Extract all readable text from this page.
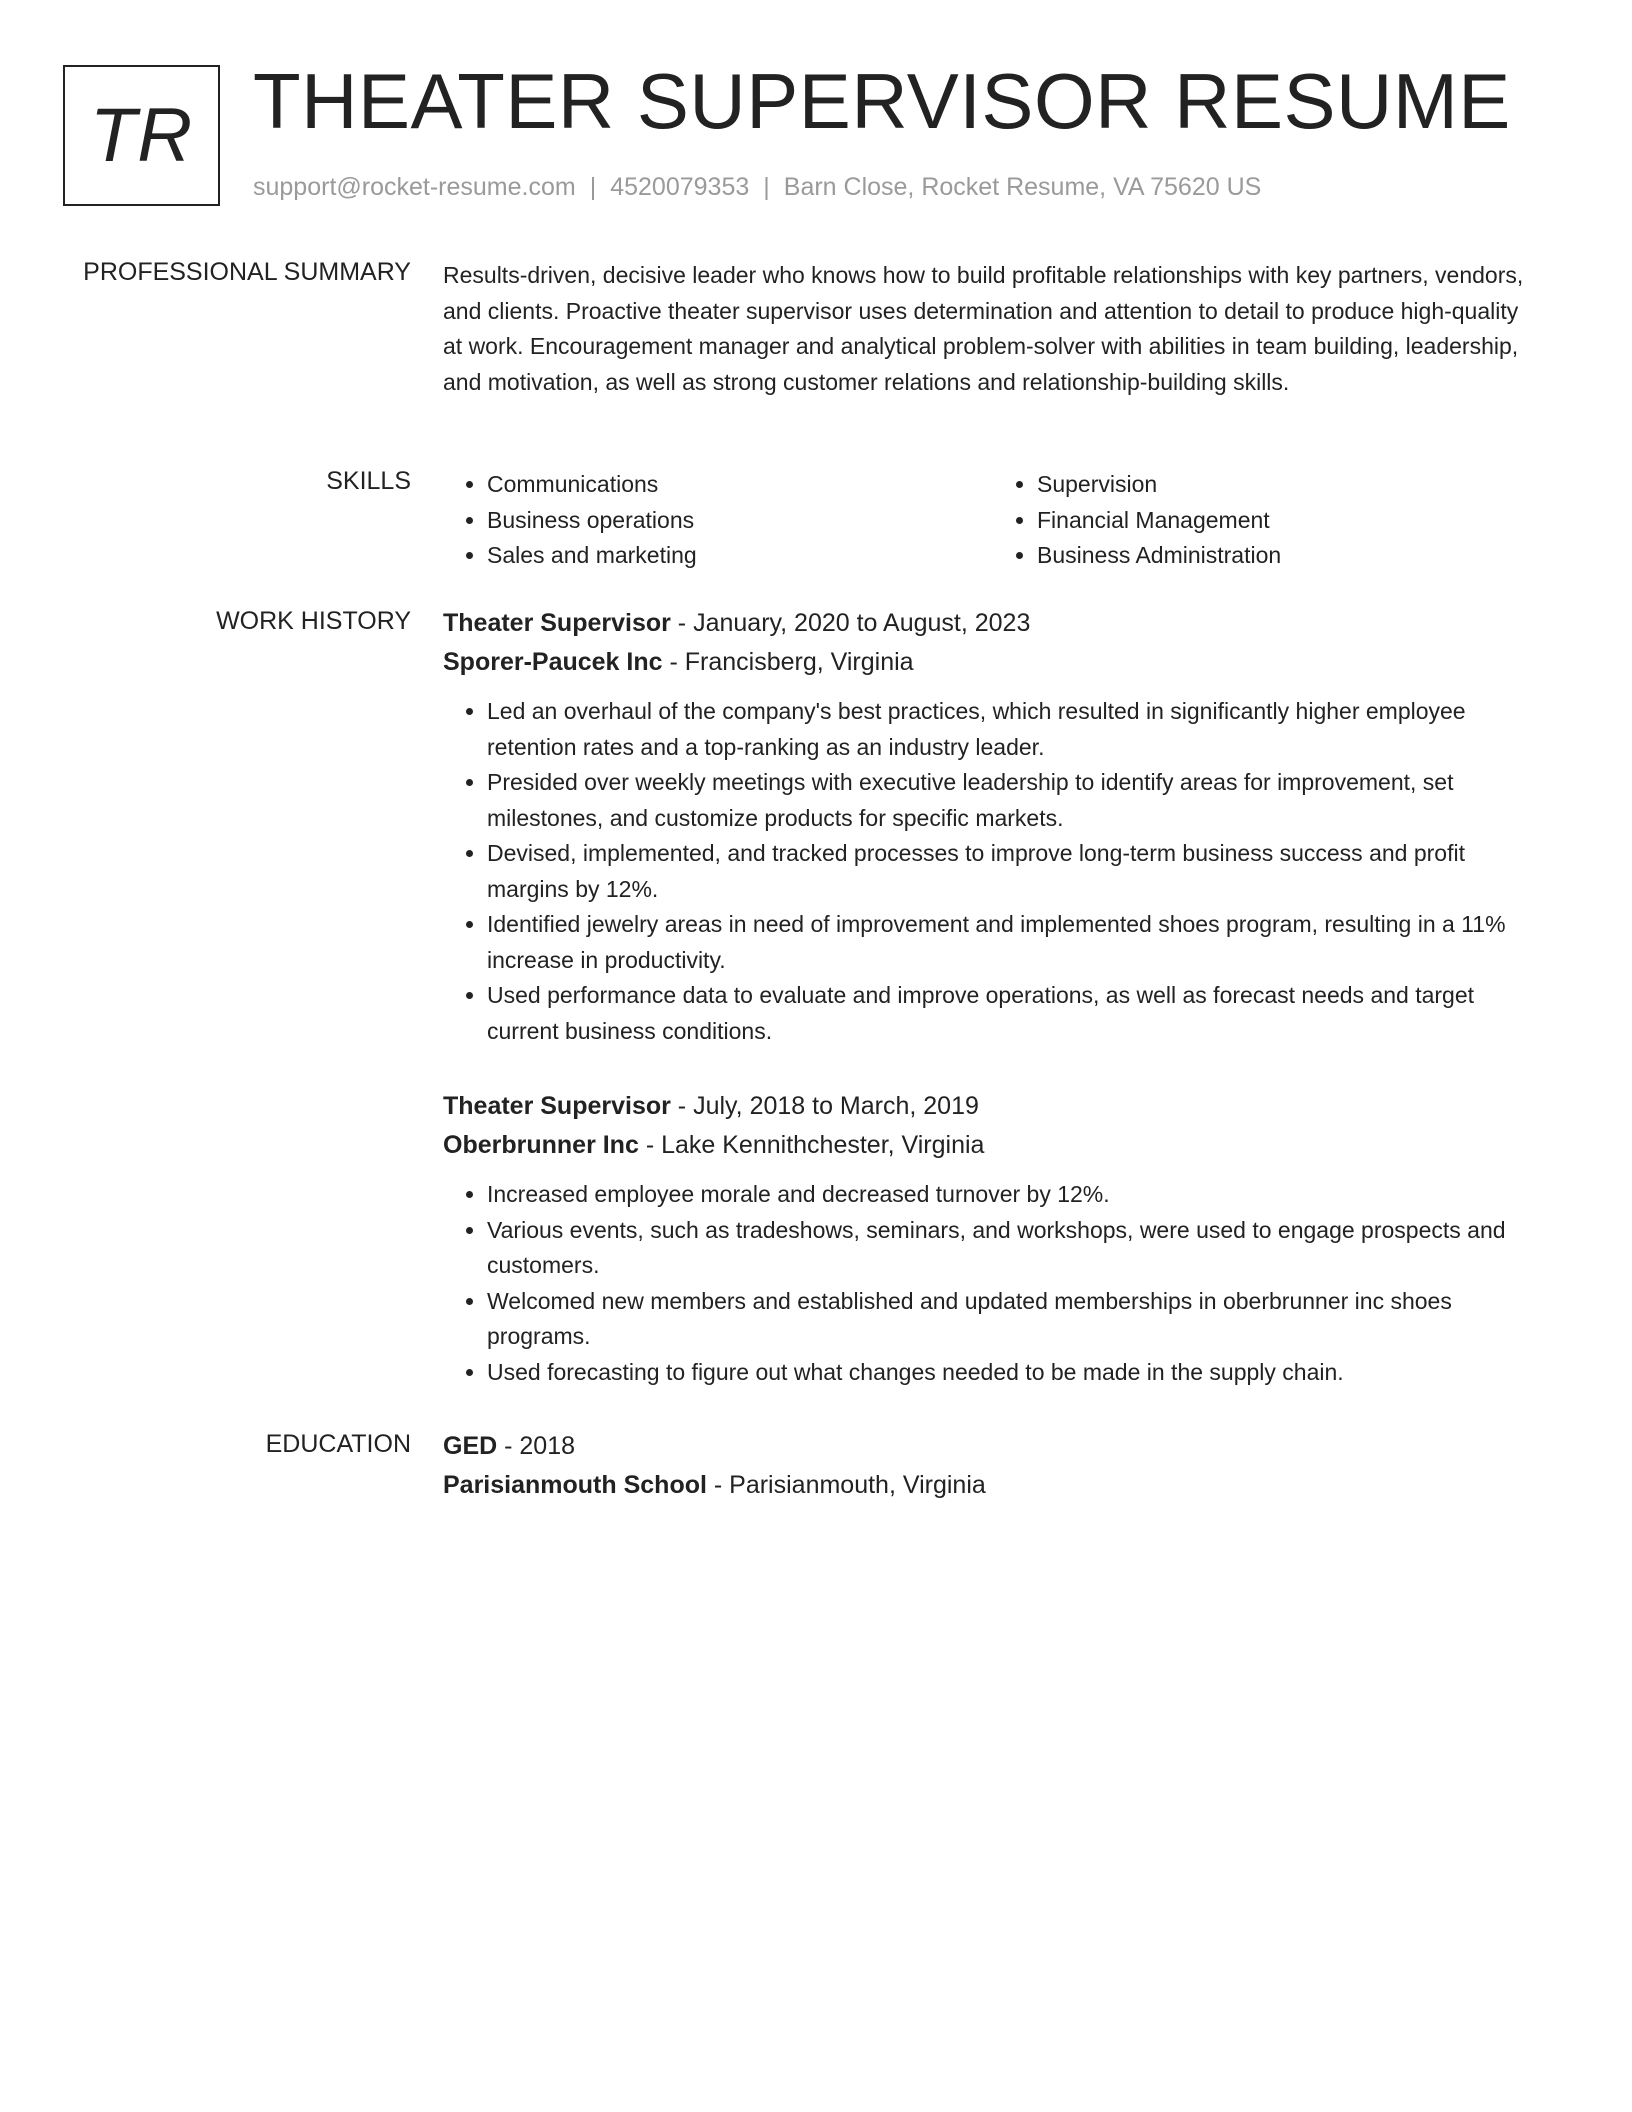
TR THEATER SUPERVISOR RESUME
support@rocket-resume.com | 4520079353 | Barn Close, Rocket Resume, VA 75620 US
PROFESSIONAL SUMMARY Results-driven, decisive leader who knows how to build profitable relationships with key partners, vendors, and clients. Proactive theater supervisor uses determination and attention to detail to produce high-quality at work. Encouragement manager and analytical problem-solver with abilities in team building, leadership, and motivation, as well as strong customer relations and relationship-building skills.

SKILLS
•	Communications
• Business operations
• Sales and marketing
• Supervision
• Financial Management
• Business Administration
WORK HISTORY Theater Supervisor - January, 2020 to August, 2023
Sporer-Paucek Inc - Francisberg, Virginia
• Led an overhaul of the company's best practices, which resulted in significantly higher employee retention rates and a top-ranking as an industry leader.
• Presided over weekly meetings with executive leadership to identify areas for improvement, set milestones, and customize products for specific markets.
• Devised, implemented, and tracked processes to improve long-term business success and profit margins by 12%.
• Identified jewelry areas in need of improvement and implemented shoes program, resulting in a 11% increase in productivity.
• Used performance data to evaluate and improve operations, as well as forecast needs and target current business conditions.
Theater Supervisor - July, 2018 to March, 2019
Oberbrunner Inc - Lake Kennithchester, Virginia
• Increased employee morale and decreased turnover by 12%.
• Various events, such as tradeshows, seminars, and workshops, were used to engage prospects and customers.
• Welcomed new members and established and updated memberships in oberbrunner inc shoes programs.
• Used forecasting to figure out what changes needed to be made in the supply chain.
EDUCATION GED - 2018
Parisianmouth School - Parisianmouth, Virginia
